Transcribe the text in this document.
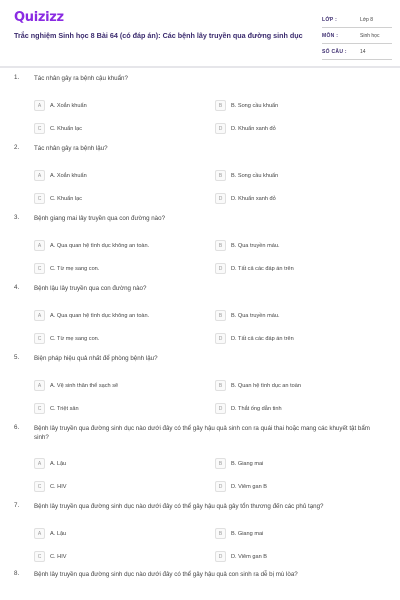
Quizizz
Trắc nghiệm Sinh học 8 Bài 64 (có đáp án): Các bệnh lây truyền qua đường sinh dục
LỚP :	Lớp 8
MÔN :	Sinh học
SỐ CÂU :	14
1. Tác nhân gây ra bệnh cậu khuẩn?
A	A. Xoắn khuẩn	B	B. Song cầu khuẩn
C	C. Khuẩn lạc	D	D. Khuẩn xanh đỏ
2. Tác nhân gây ra bệnh lậu?
A	A. Xoắn khuẩn	B	B. Song cầu khuẩn
C	C. Khuẩn lạc	D	D. Khuẩn xanh đỏ
3. Bệnh giang mai lây truyền qua con đường nào?
A	A. Qua quan hệ tình dục không an toàn.	B	B. Qua truyền máu.
C	C. Từ mẹ sang con.	D	D. Tất cả các đáp án trên
4. Bệnh lậu lây truyền qua con đường nào?
A	A. Qua quan hệ tình dục không an toàn.	B	B. Qua truyền máu.
C	C. Từ mẹ sang con.	D	D. Tất cả các đáp án trên
5. Biện pháp hiệu quả nhất để phòng bệnh lậu?
A	A. Vệ sinh thân thể sạch sẽ	B	B. Quan hệ tình dục an toàn
C	C. Triệt sản	D	D. Thắt ống dẫn tinh
6. Bệnh lây truyền qua đường sinh dục nào dưới đây có thể gây hậu quả sinh con ra quái thai hoặc mang các khuyết tật bẩm sinh?
A	A. Lậu	B	B. Giang mai
C	C. HIV	D	D. Viêm gan B
7. Bệnh lây truyền qua đường sinh dục nào dưới đây có thể gây hậu quả gây tổn thương đến các phủ tạng?
A	A. Lậu	B	B. Giang mai
C	C. HIV	D	D. Viêm gan B
8. Bệnh lây truyền qua đường sinh dục nào dưới đây có thể gây hậu quả con sinh ra dễ bị mù lòa?
